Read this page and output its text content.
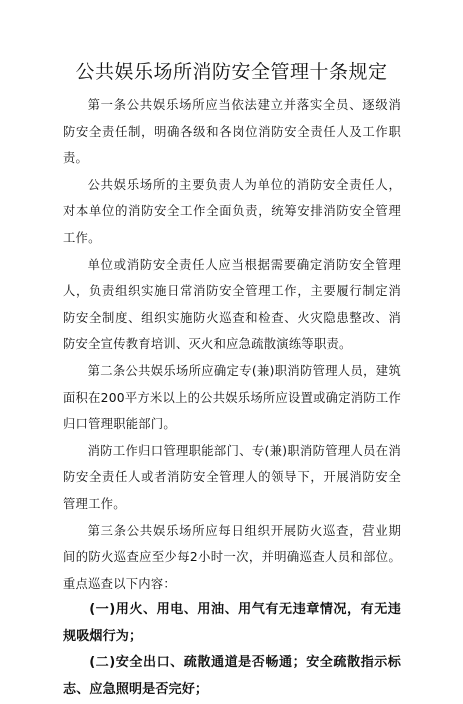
公共娱乐场所消防安全管理十条规定

第一条公共娱乐场所应当依法建立并落实全员、逐级消防安全责任制，明确各级和各岗位消防安全责任人及工作职责。

公共娱乐场所的主要负责人为单位的消防安全责任人，对本单位的消防安全工作全面负责，统筹安排消防安全管理工作。

单位或消防安全责任人应当根据需要确定消防安全管理人，负责组织实施日常消防安全管理工作，主要履行制定消防安全制度、组织实施防火巡查和检查、火灾隐患整改、消防安全宣传教育培训、灭火和应急疏散演练等职责。

第二条公共娱乐场所应确定专(兼)职消防管理人员，建筑面积在200平方米以上的公共娱乐场所应设置或确定消防工作归口管理职能部门。

消防工作归口管理职能部门、专(兼)职消防管理人员在消防安全责任人或者消防安全管理人的领导下，开展消防安全管理工作。

第三条公共娱乐场所应每日组织开展防火巡查，营业期间的防火巡查应至少每2小时一次，并明确巡查人员和部位。重点巡查以下内容：

(一)用火、用电、用油、用气有无违章情况，有无违规吸烟行为；

(二)安全出口、疏散通道是否畅通；安全疏散指示标志、应急照明是否完好；
